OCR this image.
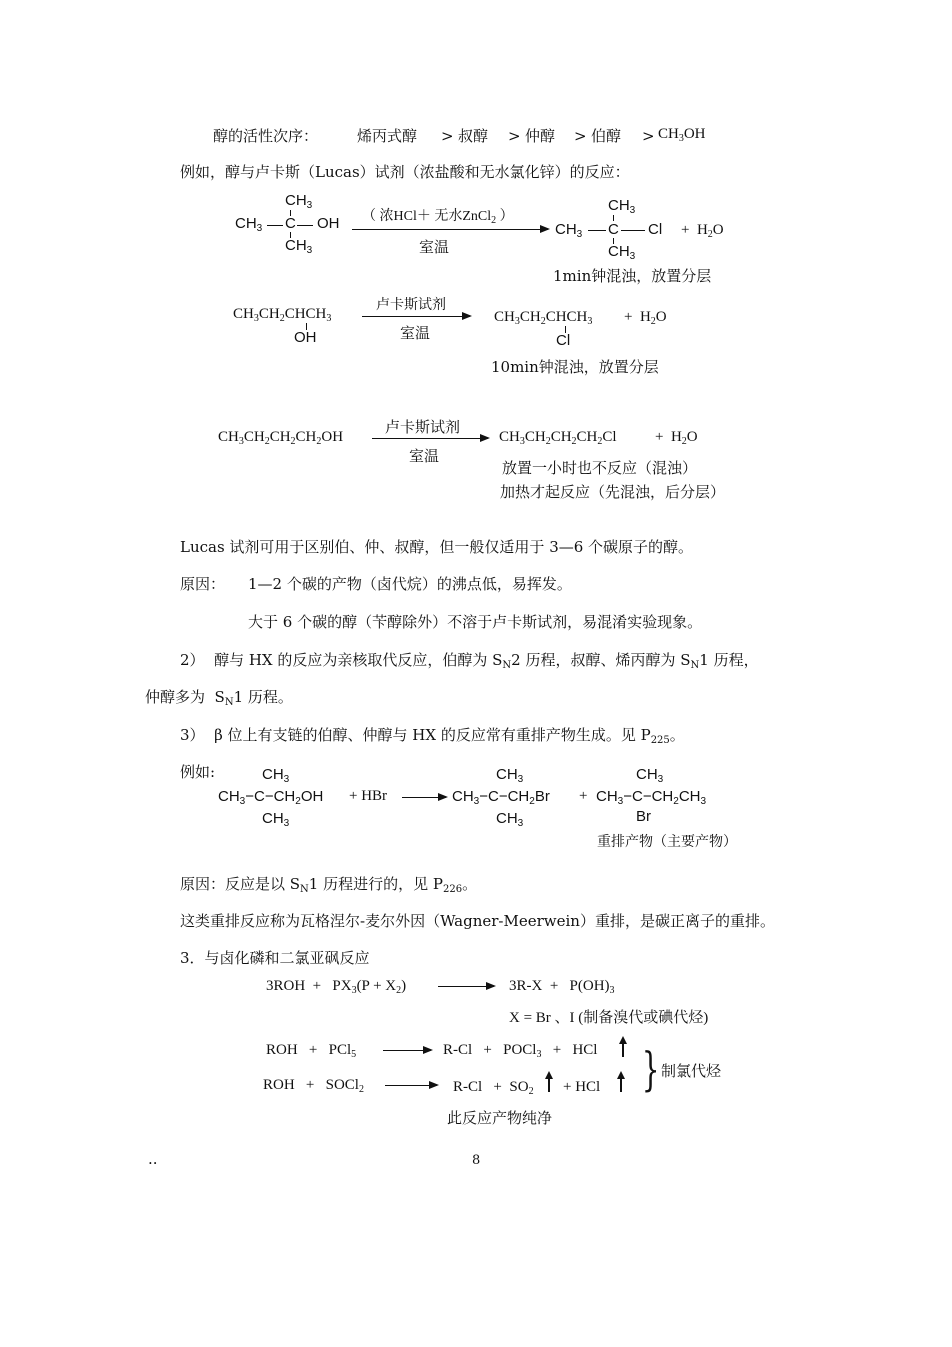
醇的活性次序：	烯丙式醇 > 叔醇 > 仲醇 > 伯醇 > $CH_3OH$
例如，醇与卢卡斯（Lucas）试剂（浓盐酸和无水氯化锌）的反应：
$CH_3$
$CH_3$ C OH
$CH_3$
（ 浓HCl＋ 无水ZnCl$_2$ ）
室温
$CH_3$
$CH_3$ C Cl
$CH_3$
+  $H_2O$
1min钟混浊，放置分层
$CH_3CH_2CHCH_3$
OH
卢卡斯试剂
室温
$CH_3CH_2CHCH_3$
Cl
+  $H_2O$
10min钟混浊，放置分层
$CH_3CH_2CH_2CH_2OH$
卢卡斯试剂
室温
$CH_3CH_2CH_2CH_2Cl$	+  $H_2O$
放置一小时也不反应（混浊）
加热才起反应（先混浊，后分层）
Lucas 试剂可用于区别伯、仲、叔醇，但一般仅适用于 3—6 个碳原子的醇。
原因： 1—2 个碳的产物（卤代烷）的沸点低，易挥发。
大于 6 个碳的醇（苄醇除外）不溶于卢卡斯试剂，易混淆实验现象。
2）  醇与 HX 的反应为亲核取代反应，伯醇为 $S_N2$ 历程，叔醇、烯丙醇为 $S_N1$ 历程，
仲醇多为  $S_N1$ 历程。
3）  β 位上有支链的伯醇、仲醇与 HX 的反应常有重排产物生成。见 $P_{225}$。
例如:	$CH_3$
$CH_3-C-CH_2OH$
$CH_3$
+ HBr
$CH_3$
$CH_3-C-CH_2Br$
$CH_3$
+
$CH_3$
$CH_3-C-CH_2CH_3$
Br
重排产物（主要产物）
原因：反应是以 $S_N1$ 历程进行的，见 $P_{226}$。
这类重排反应称为瓦格涅尔-麦尔外因（Wagner-Meerwein）重排，是碳正离子的重排。
3．与卤化磷和二氯亚砜反应
$3ROH + PX_3(P + X_2)$	$3R-X + P(OH)_3$
X = Br 、I (制备溴代或碘代烃)
ROH   +   PCl$_5$	R-Cl   +   POCl$_3$   +   HCl
ROH   +   SOCl$_2$	$R-Cl + SO_2$ + HCl
此反应产物纯净
} 制氯代烃
..	8
